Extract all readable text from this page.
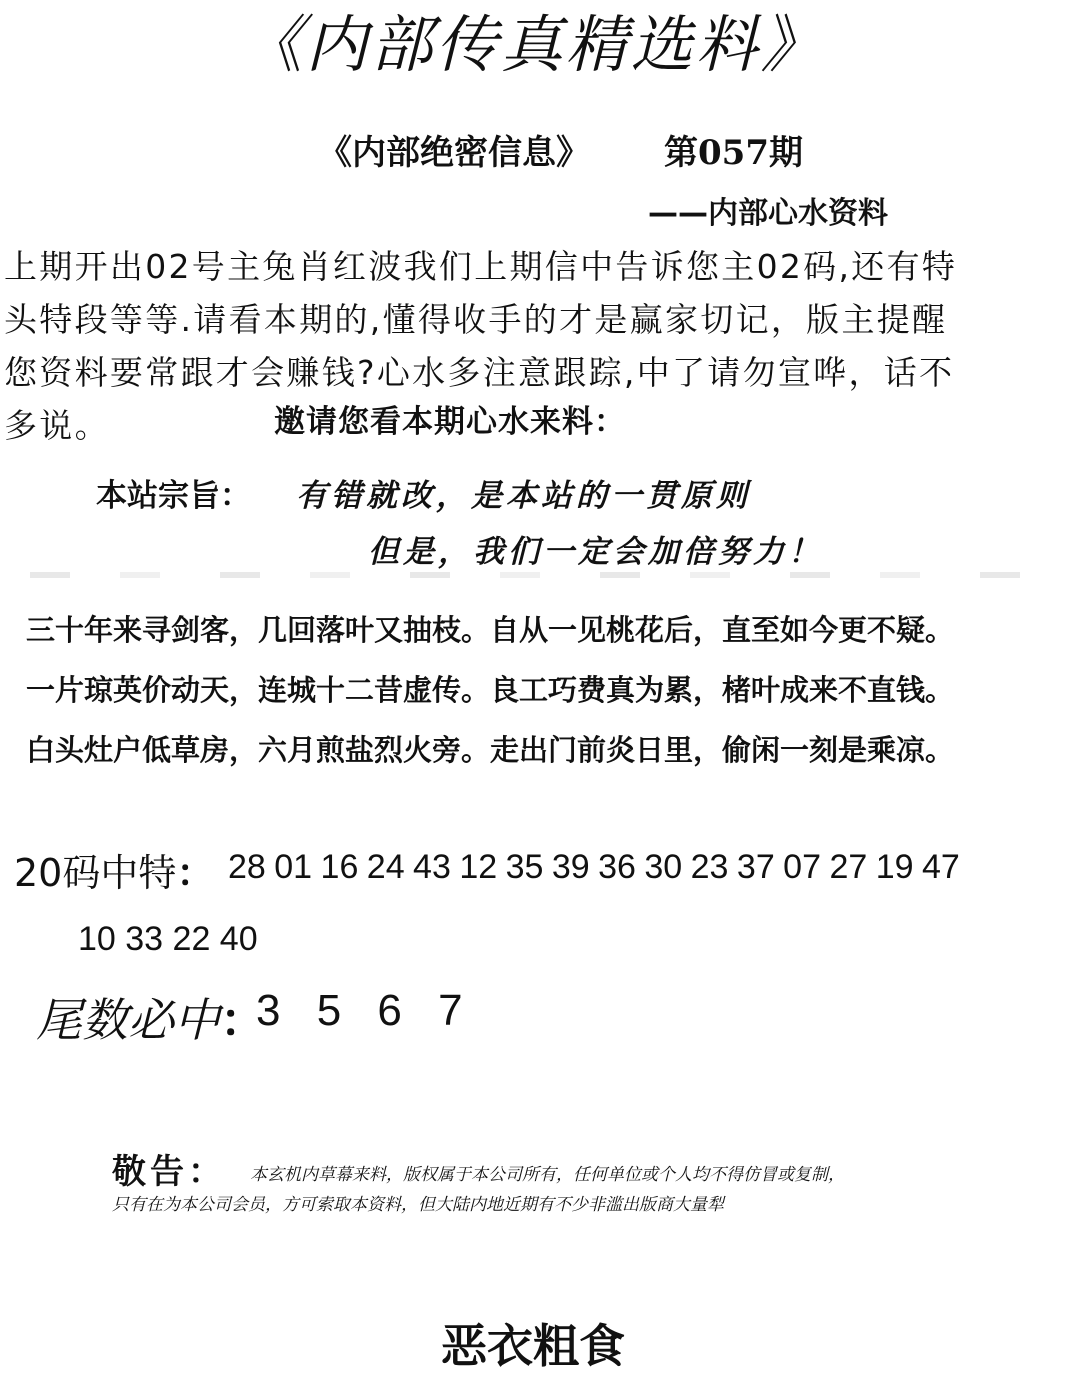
《内部传真精选料》
《内部绝密信息》 第057期
——内部心水资料
上期开出02号主兔肖红波我们上期信中告诉您主02码,还有特
头特段等等.请看本期的,懂得收手的才是赢家切记，版主提醒
您资料要常跟才会赚钱?心水多注意跟踪,中了请勿宣哗，话不
多说。	邀请您看本期心水来料：
本站宗旨： 有错就改，是本站的一贯原则
但是，我们一定会加倍努力！
三十年来寻剑客，几回落叶又抽枝。自从一见桃花后，直至如今更不疑。
一片琼英价动天，连城十二昔虚传。良工巧费真为累，楮叶成来不直钱。
白头灶户低草房，六月煎盐烈火旁。走出门前炎日里，偷闲一刻是乘凉。
20码中特： 28 01 16 24 43 12 35 39 36 30 23 37 07 27 19 47
10 33 22 40
尾数必中：
3 5 6 7
敬告： 本玄机内草幕来料，版权属于本公司所有，任何单位或个人均不得仿冒或复制，
只有在为本公司会员，方可索取本资料，但大陆内地近期有不少非滥出版商大量犁
恶衣粗食
